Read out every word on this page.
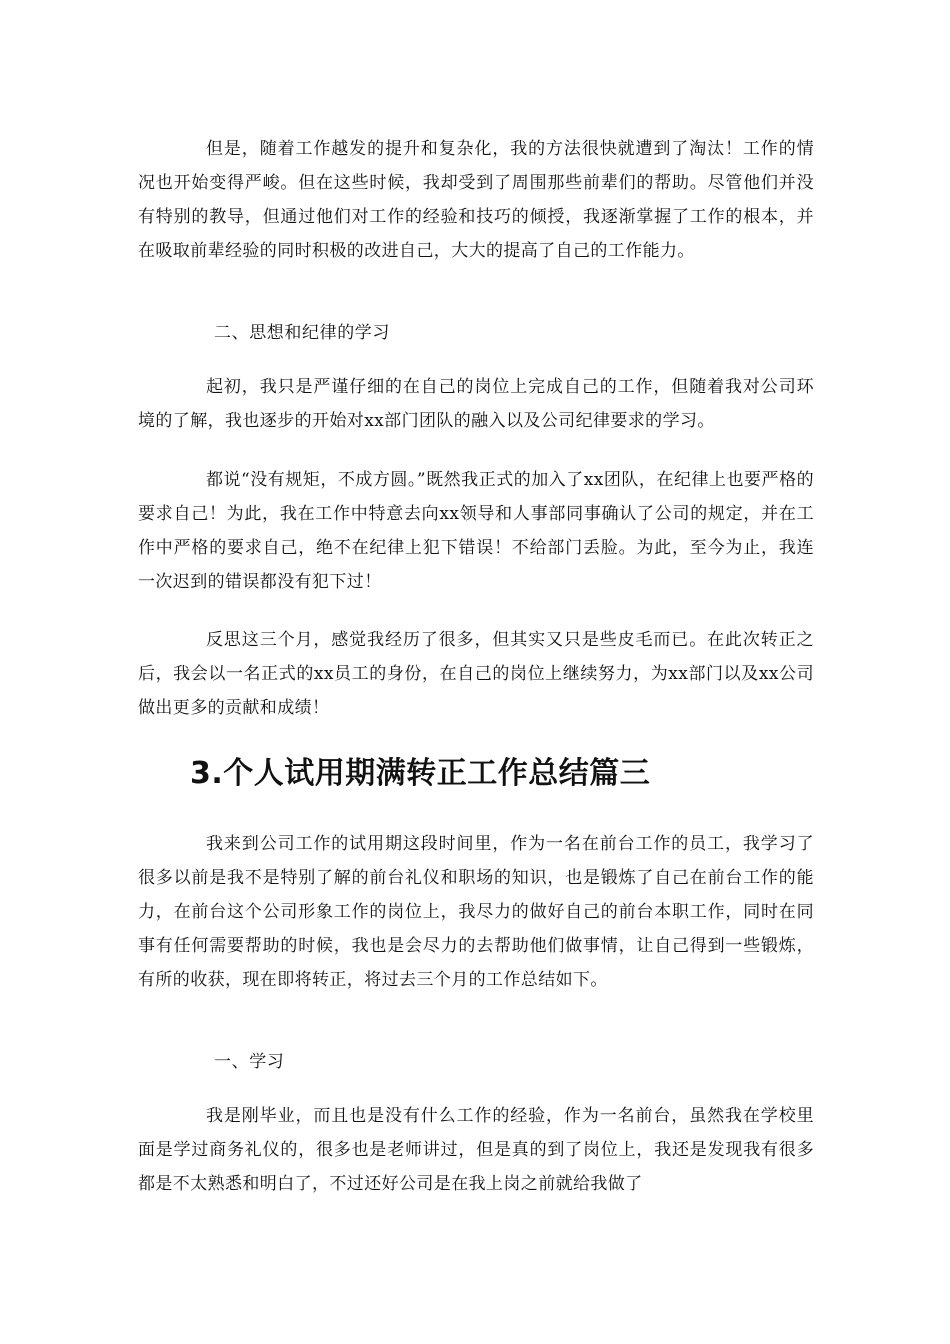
但是，随着工作越发的提升和复杂化，我的方法很快就遭到了淘汰！工作的情况也开始变得严峻。但在这些时候，我却受到了周围那些前辈们的帮助。尽管他们并没有特别的教导，但通过他们对工作的经验和技巧的倾授，我逐渐掌握了工作的根本，并在吸取前辈经验的同时积极的改进自己，大大的提高了自己的工作能力。

二、思想和纪律的学习

起初，我只是严谨仔细的在自己的岗位上完成自己的工作，但随着我对公司环境的了解，我也逐步的开始对xx部门团队的融入以及公司纪律要求的学习。

都说“没有规矩，不成方圆。”既然我正式的加入了xx团队，在纪律上也要严格的要求自己！为此，我在工作中特意去向xx领导和人事部同事确认了公司的规定，并在工作中严格的要求自己，绝不在纪律上犯下错误！不给部门丢脸。为此，至今为止，我连一次迟到的错误都没有犯下过！

反思这三个月，感觉我经历了很多，但其实又只是些皮毛而已。在此次转正之后，我会以一名正式的xx员工的身份，在自己的岗位上继续努力，为xx部门以及xx公司做出更多的贡献和成绩！

3.个人试用期满转正工作总结篇三

我来到公司工作的试用期这段时间里，作为一名在前台工作的员工，我学习了很多以前是我不是特别了解的前台礼仪和职场的知识，也是锻炼了自己在前台工作的能力，在前台这个公司形象工作的岗位上，我尽力的做好自己的前台本职工作，同时在同事有任何需要帮助的时候，我也是会尽力的去帮助他们做事情，让自己得到一些锻炼，有所的收获，现在即将转正，将过去三个月的工作总结如下。

一、学习

我是刚毕业，而且也是没有什么工作的经验，作为一名前台，虽然我在学校里面是学过商务礼仪的，很多也是老师讲过，但是真的到了岗位上，我还是发现我有很多都是不太熟悉和明白了，不过还好公司是在我上岗之前就给我做了
